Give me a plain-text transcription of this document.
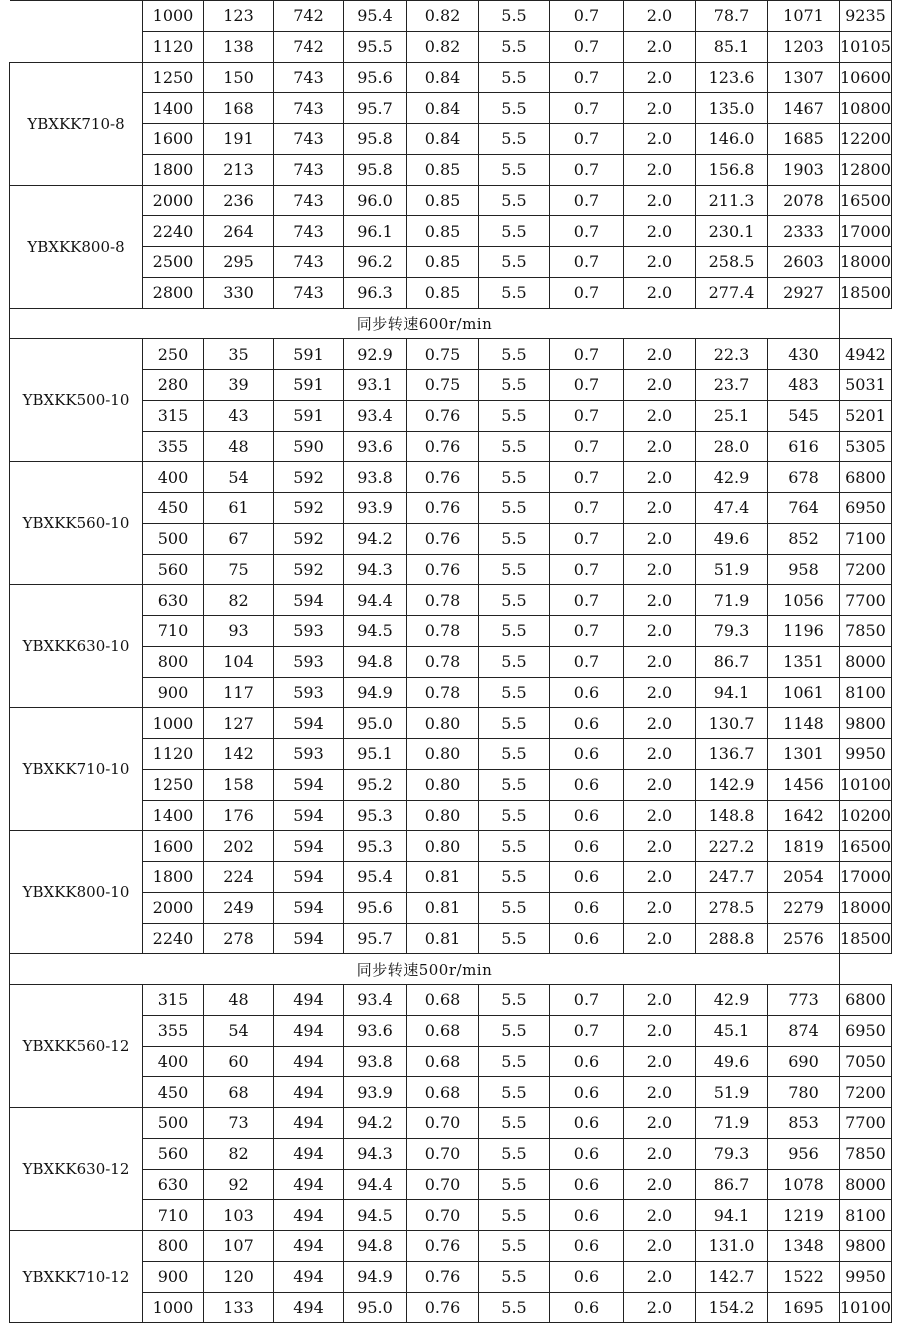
	1000	123	742	95.4	0.82	5.5	0.7	2.0	78.7	1071	9235
	1120	138	742	95.5	0.82	5.5	0.7	2.0	85.1	1203	10105
YBXKK710-8	1250	150	743	95.6	0.84	5.5	0.7	2.0	123.6	1307	10600
	1400	168	743	95.7	0.84	5.5	0.7	2.0	135.0	1467	10800
	1600	191	743	95.8	0.84	5.5	0.7	2.0	146.0	1685	12200
	1800	213	743	95.8	0.85	5.5	0.7	2.0	156.8	1903	12800
YBXKK800-8	2000	236	743	96.0	0.85	5.5	0.7	2.0	211.3	2078	16500
	2240	264	743	96.1	0.85	5.5	0.7	2.0	230.1	2333	17000
	2500	295	743	96.2	0.85	5.5	0.7	2.0	258.5	2603	18000
	2800	330	743	96.3	0.85	5.5	0.7	2.0	277.4	2927	18500
同步转速600r/min											
YBXKK500-10	250	35	591	92.9	0.75	5.5	0.7	2.0	22.3	430	4942
	280	39	591	93.1	0.75	5.5	0.7	2.0	23.7	483	5031
	315	43	591	93.4	0.76	5.5	0.7	2.0	25.1	545	5201
	355	48	590	93.6	0.76	5.5	0.7	2.0	28.0	616	5305
YBXKK560-10	400	54	592	93.8	0.76	5.5	0.7	2.0	42.9	678	6800
	450	61	592	93.9	0.76	5.5	0.7	2.0	47.4	764	6950
	500	67	592	94.2	0.76	5.5	0.7	2.0	49.6	852	7100
	560	75	592	94.3	0.76	5.5	0.7	2.0	51.9	958	7200
YBXKK630-10	630	82	594	94.4	0.78	5.5	0.7	2.0	71.9	1056	7700
	710	93	593	94.5	0.78	5.5	0.7	2.0	79.3	1196	7850
	800	104	593	94.8	0.78	5.5	0.7	2.0	86.7	1351	8000
	900	117	593	94.9	0.78	5.5	0.6	2.0	94.1	1061	8100
YBXKK710-10	1000	127	594	95.0	0.80	5.5	0.6	2.0	130.7	1148	9800
	1120	142	593	95.1	0.80	5.5	0.6	2.0	136.7	1301	9950
	1250	158	594	95.2	0.80	5.5	0.6	2.0	142.9	1456	10100
	1400	176	594	95.3	0.80	5.5	0.6	2.0	148.8	1642	10200
YBXKK800-10	1600	202	594	95.3	0.80	5.5	0.6	2.0	227.2	1819	16500
	1800	224	594	95.4	0.81	5.5	0.6	2.0	247.7	2054	17000
	2000	249	594	95.6	0.81	5.5	0.6	2.0	278.5	2279	18000
	2240	278	594	95.7	0.81	5.5	0.6	2.0	288.8	2576	18500
同步转速500r/min											
YBXKK560-12	315	48	494	93.4	0.68	5.5	0.7	2.0	42.9	773	6800
	355	54	494	93.6	0.68	5.5	0.7	2.0	45.1	874	6950
	400	60	494	93.8	0.68	5.5	0.6	2.0	49.6	690	7050
	450	68	494	93.9	0.68	5.5	0.6	2.0	51.9	780	7200
YBXKK630-12	500	73	494	94.2	0.70	5.5	0.6	2.0	71.9	853	7700
	560	82	494	94.3	0.70	5.5	0.6	2.0	79.3	956	7850
	630	92	494	94.4	0.70	5.5	0.6	2.0	86.7	1078	8000
	710	103	494	94.5	0.70	5.5	0.6	2.0	94.1	1219	8100
YBXKK710-12	800	107	494	94.8	0.76	5.5	0.6	2.0	131.0	1348	9800
	900	120	494	94.9	0.76	5.5	0.6	2.0	142.7	1522	9950
	1000	133	494	95.0	0.76	5.5	0.6	2.0	154.2	1695	10100
